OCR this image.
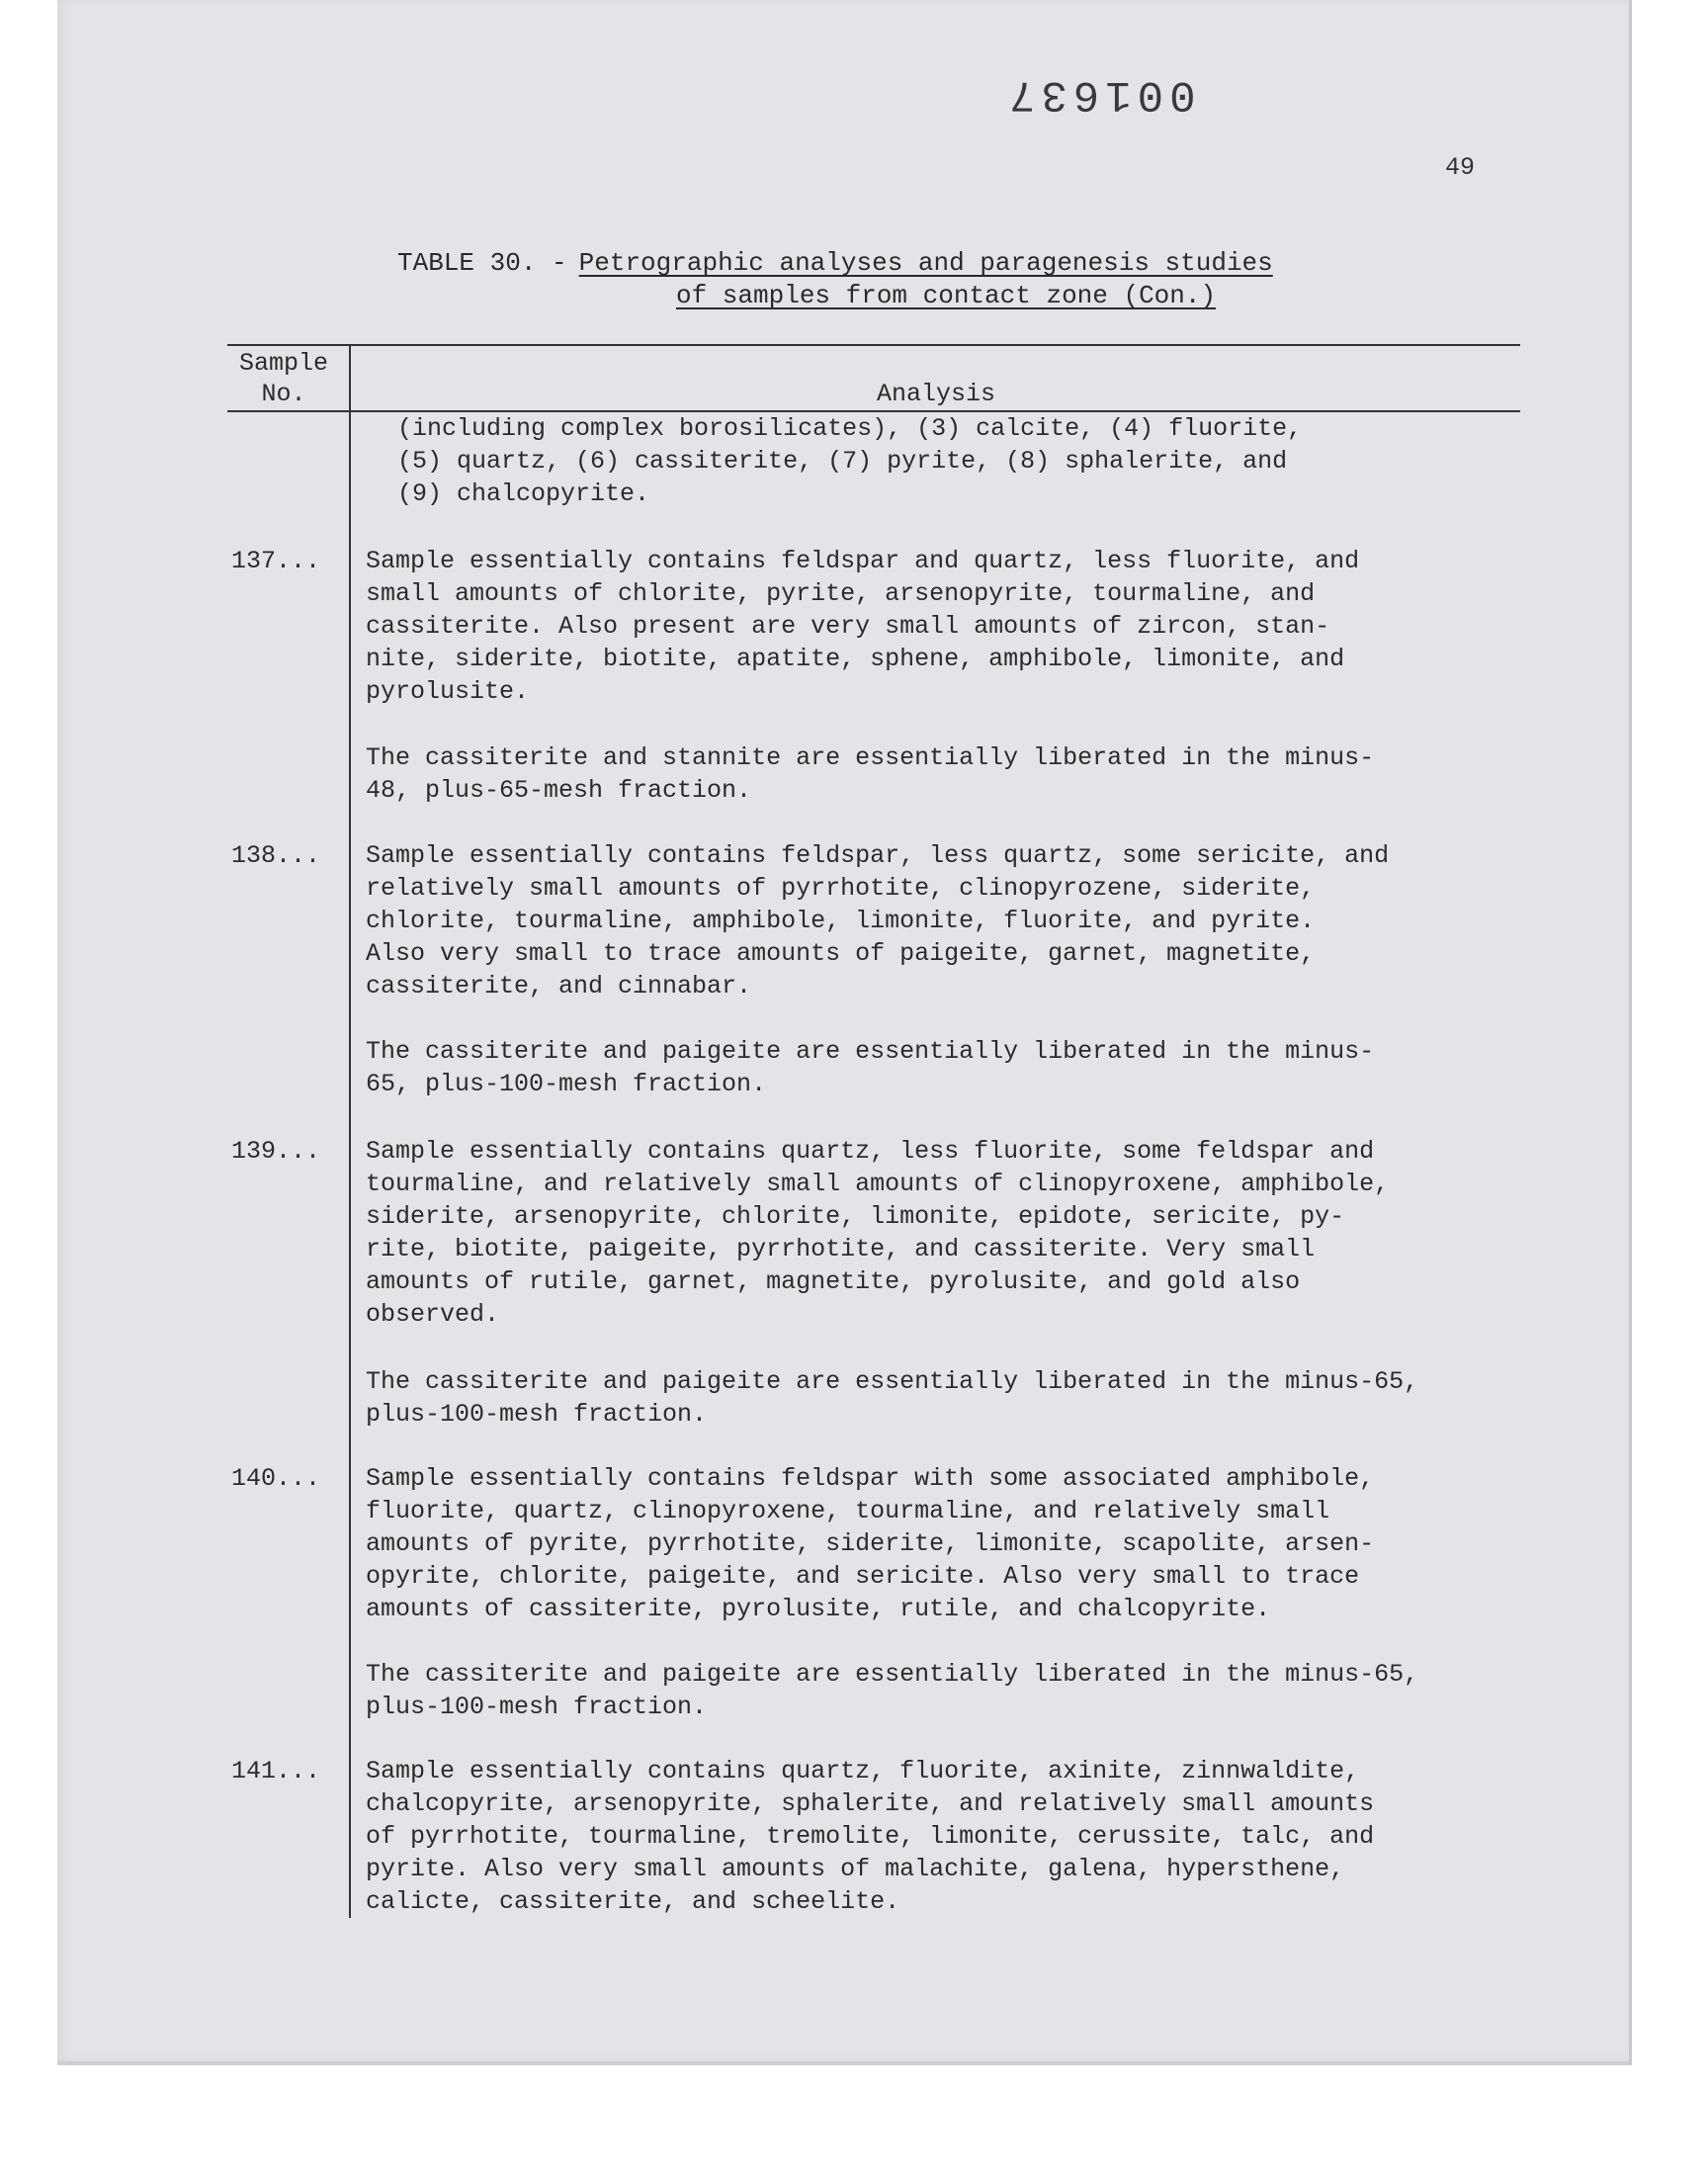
001637
49
TABLE 30. - Petrographic analyses and paragenesis studies
of samples from contact zone (Con.)
Sample
No.	Analysis
(including complex borosilicates), (3) calcite, (4) fluorite,
(5) quartz, (6) cassiterite, (7) pyrite, (8) sphalerite, and
(9) chalcopyrite.
137... Sample essentially contains feldspar and quartz, less fluorite, and
small amounts of chlorite, pyrite, arsenopyrite, tourmaline, and
cassiterite. Also present are very small amounts of zircon, stan-
nite, siderite, biotite, apatite, sphene, amphibole, limonite, and
pyrolusite.
The cassiterite and stannite are essentially liberated in the minus-
48, plus-65-mesh fraction.
138... Sample essentially contains feldspar, less quartz, some sericite, and
relatively small amounts of pyrrhotite, clinopyrozene, siderite,
chlorite, tourmaline, amphibole, limonite, fluorite, and pyrite.
Also very small to trace amounts of paigeite, garnet, magnetite,
cassiterite, and cinnabar.
The cassiterite and paigeite are essentially liberated in the minus-
65, plus-100-mesh fraction.
139... Sample essentially contains quartz, less fluorite, some feldspar and
tourmaline, and relatively small amounts of clinopyroxene, amphibole,
siderite, arsenopyrite, chlorite, limonite, epidote, sericite, py-
rite, biotite, paigeite, pyrrhotite, and cassiterite. Very small
amounts of rutile, garnet, magnetite, pyrolusite, and gold also
observed.
The cassiterite and paigeite are essentially liberated in the minus-65,
plus-100-mesh fraction.
140... Sample essentially contains feldspar with some associated amphibole,
fluorite, quartz, clinopyroxene, tourmaline, and relatively small
amounts of pyrite, pyrrhotite, siderite, limonite, scapolite, arsen-
opyrite, chlorite, paigeite, and sericite. Also very small to trace
amounts of cassiterite, pyrolusite, rutile, and chalcopyrite.
The cassiterite and paigeite are essentially liberated in the minus-65,
plus-100-mesh fraction.
141... Sample essentially contains quartz, fluorite, axinite, zinnwaldite,
chalcopyrite, arsenopyrite, sphalerite, and relatively small amounts
of pyrrhotite, tourmaline, tremolite, limonite, cerussite, talc, and
pyrite. Also very small amounts of malachite, galena, hypersthene,
calicte, cassiterite, and scheelite.
